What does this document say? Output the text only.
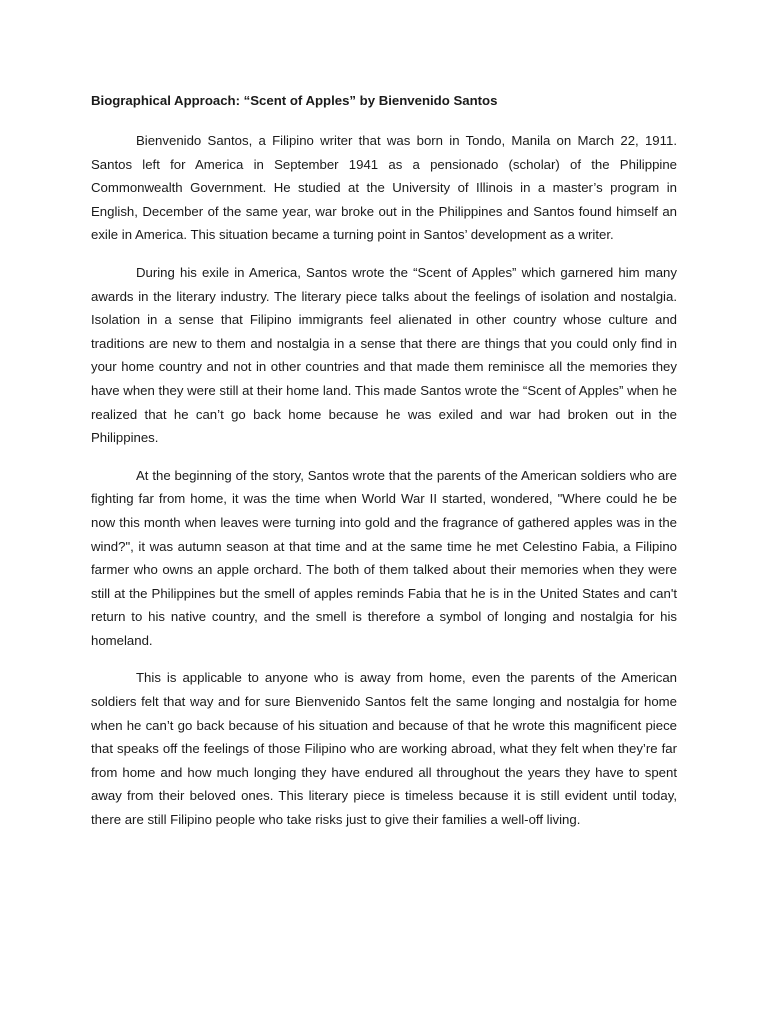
Biographical Approach: “Scent of Apples” by Bienvenido Santos

Bienvenido Santos, a Filipino writer that was born in Tondo, Manila on March 22, 1911. Santos left for America in September 1941 as a pensionado (scholar) of the Philippine Commonwealth Government. He studied at the University of Illinois in a master’s program in English, December of the same year, war broke out in the Philippines and Santos found himself an exile in America. This situation became a turning point in Santos’ development as a writer.

During his exile in America, Santos wrote the “Scent of Apples” which garnered him many awards in the literary industry. The literary piece talks about the feelings of isolation and nostalgia. Isolation in a sense that Filipino immigrants feel alienated in other country whose culture and traditions are new to them and nostalgia in a sense that there are things that you could only find in your home country and not in other countries and that made them reminisce all the memories they have when they were still at their home land. This made Santos wrote the “Scent of Apples” when he realized that he can’t go back home because he was exiled and war had broken out in the Philippines.

At the beginning of the story, Santos wrote that the parents of the American soldiers who are fighting far from home, it was the time when World War II started, wondered, "Where could he be now this month when leaves were turning into gold and the fragrance of gathered apples was in the wind?", it was autumn season at that time and at the same time he met Celestino Fabia, a Filipino farmer who owns an apple orchard. The both of them talked about their memories when they were still at the Philippines but the smell of apples reminds Fabia that he is in the United States and can't return to his native country, and the smell is therefore a symbol of longing and nostalgia for his homeland.

This is applicable to anyone who is away from home, even the parents of the American soldiers felt that way and for sure Bienvenido Santos felt the same longing and nostalgia for home when he can’t go back because of his situation and because of that he wrote this magnificent piece that speaks off the feelings of those Filipino who are working abroad, what they felt when they’re far from home and how much longing they have endured all throughout the years they have to spent away from their beloved ones. This literary piece is timeless because it is still evident until today, there are still Filipino people who take risks just to give their families a well-off living.
